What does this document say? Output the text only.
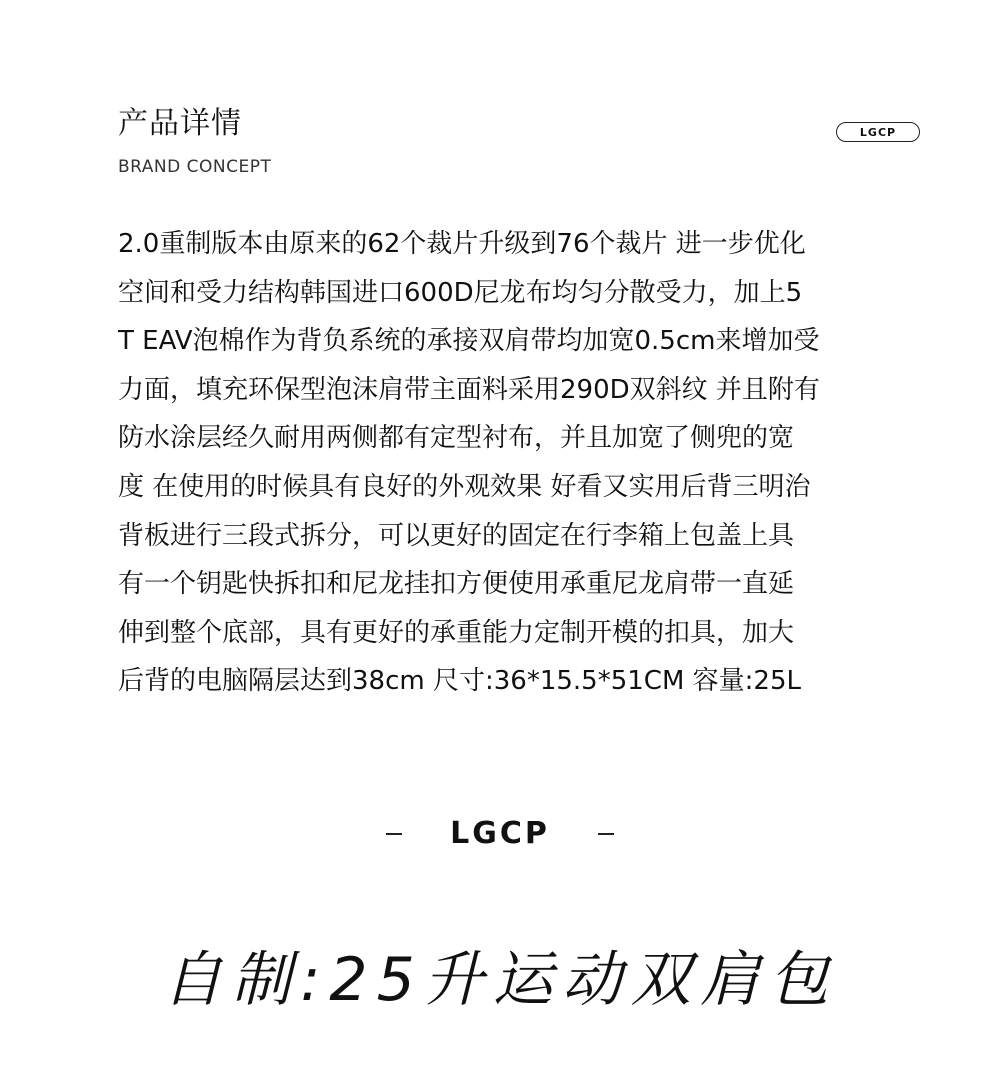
产品详情
BRAND CONCEPT
LGCP
2.0重制版本由原来的62个裁片升级到76个裁片 进一步优化
空间和受力结构韩国进口600D尼龙布均匀分散受力，加上5
T EAV泡棉作为背负系统的承接双肩带均加宽0.5cm来增加受
力面，填充环保型泡沫肩带主面料采用290D双斜纹 并且附有
防水涂层经久耐用两侧都有定型衬布，并且加宽了侧兜的宽
度 在使用的时候具有良好的外观效果 好看又实用后背三明治
背板进行三段式拆分，可以更好的固定在行李箱上包盖上具
有一个钥匙快拆扣和尼龙挂扣方便使用承重尼龙肩带一直延
伸到整个底部，具有更好的承重能力定制开模的扣具，加大
后背的电脑隔层达到38cm 尺寸:36*15.5*51CM 容量:25L
LGCP
自制:25升运动双肩包
